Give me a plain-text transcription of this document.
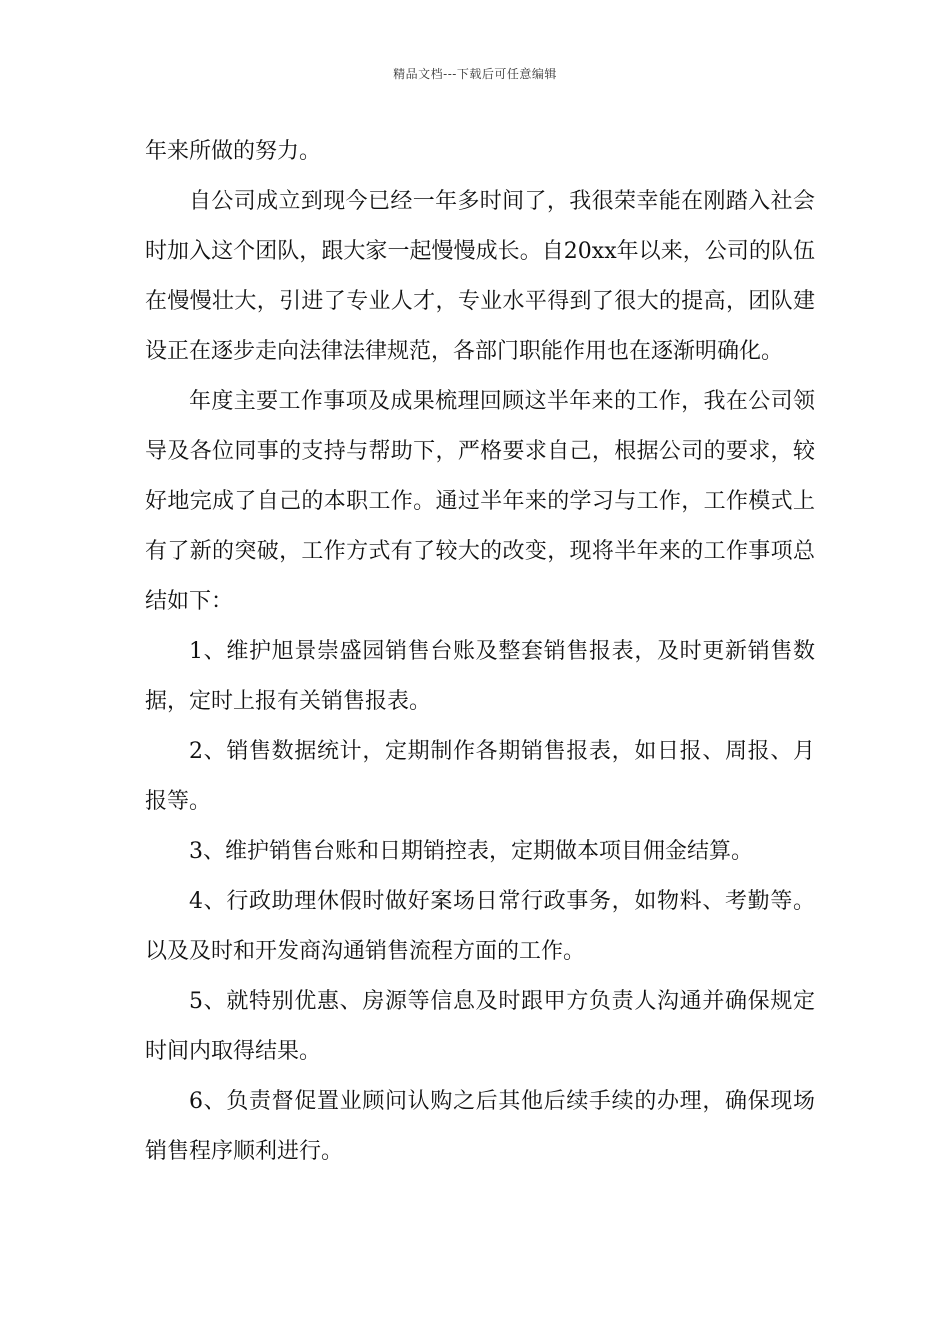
精品文档---下载后可任意编辑

年来所做的努力。

自公司成立到现今已经一年多时间了，我很荣幸能在刚踏入社会时加入这个团队，跟大家一起慢慢成长。自20xx年以来，公司的队伍在慢慢壮大，引进了专业人才，专业水平得到了很大的提高，团队建设正在逐步走向法律法律规范，各部门职能作用也在逐渐明确化。

年度主要工作事项及成果梳理回顾这半年来的工作，我在公司领导及各位同事的支持与帮助下，严格要求自己，根据公司的要求，较好地完成了自己的本职工作。通过半年来的学习与工作，工作模式上有了新的突破，工作方式有了较大的改变，现将半年来的工作事项总结如下：

1、维护旭景崇盛园销售台账及整套销售报表，及时更新销售数据，定时上报有关销售报表。

2、销售数据统计，定期制作各期销售报表，如日报、周报、月报等。

3、维护销售台账和日期销控表，定期做本项目佣金结算。

4、行政助理休假时做好案场日常行政事务，如物料、考勤等。以及及时和开发商沟通销售流程方面的工作。

5、就特别优惠、房源等信息及时跟甲方负责人沟通并确保规定时间内取得结果。

6、负责督促置业顾问认购之后其他后续手续的办理，确保现场销售程序顺利进行。
